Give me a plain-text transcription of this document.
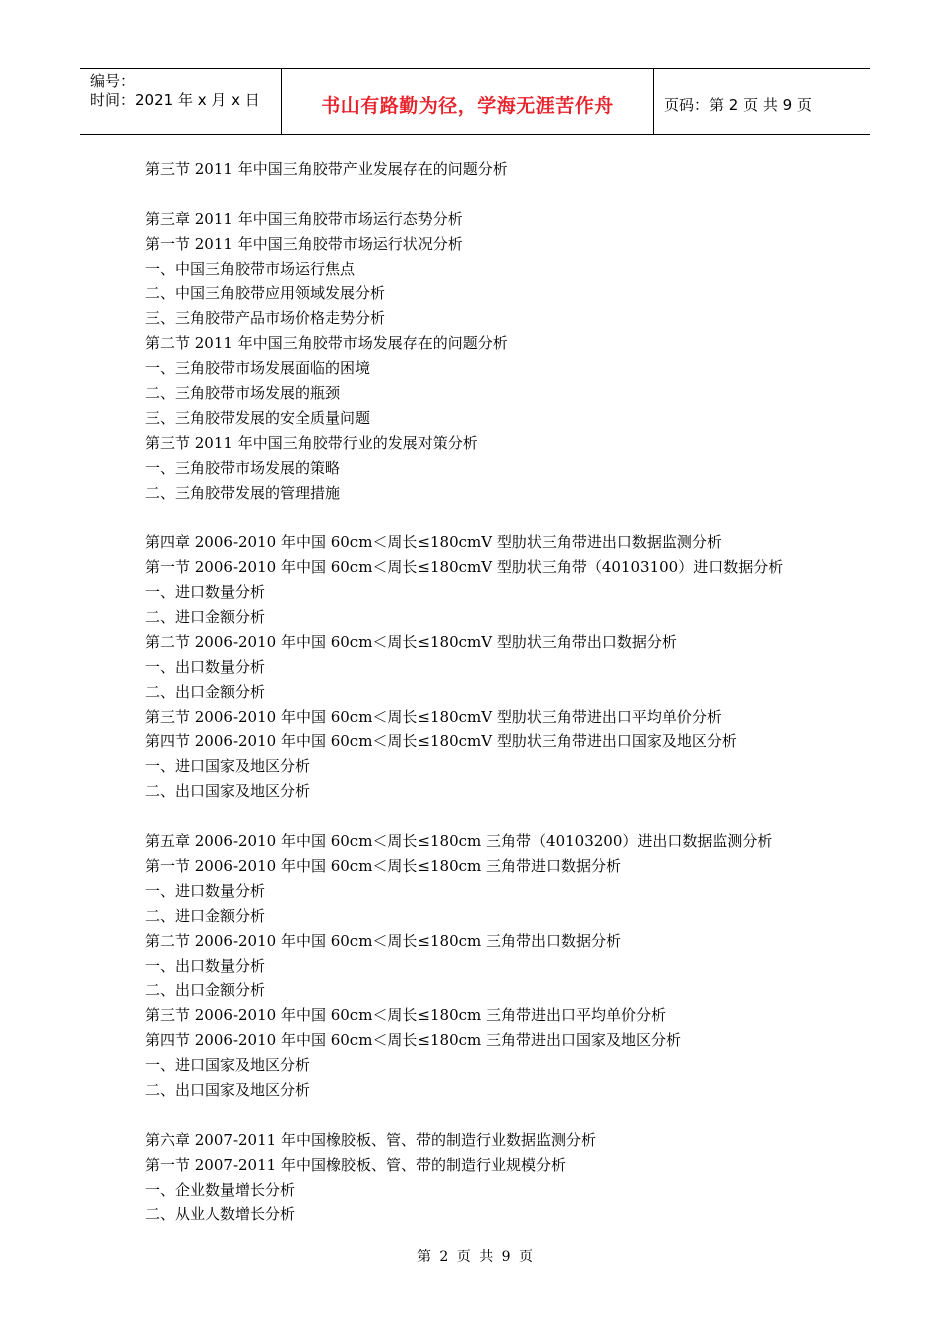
编号：
时间：2021 年 x 月 x 日	书山有路勤为径，学海无涯苦作舟	页码：第 2 页 共 9 页
第三节 2011 年中国三角胶带产业发展存在的问题分析
第三章 2011 年中国三角胶带市场运行态势分析
第一节 2011 年中国三角胶带市场运行状况分析
一、中国三角胶带市场运行焦点
二、中国三角胶带应用领域发展分析
三、三角胶带产品市场价格走势分析
第二节 2011 年中国三角胶带市场发展存在的问题分析
一、三角胶带市场发展面临的困境
二、三角胶带市场发展的瓶颈
三、三角胶带发展的安全质量问题
第三节 2011 年中国三角胶带行业的发展对策分析
一、三角胶带市场发展的策略
二、三角胶带发展的管理措施
第四章 2006-2010 年中国 60cm＜周长≤180cmV 型肋状三角带进出口数据监测分析
第一节 2006-2010 年中国 60cm＜周长≤180cmV 型肋状三角带（40103100）进口数据分析
一、进口数量分析
二、进口金额分析
第二节 2006-2010 年中国 60cm＜周长≤180cmV 型肋状三角带出口数据分析
一、出口数量分析
二、出口金额分析
第三节 2006-2010 年中国 60cm＜周长≤180cmV 型肋状三角带进出口平均单价分析
第四节 2006-2010 年中国 60cm＜周长≤180cmV 型肋状三角带进出口国家及地区分析
一、进口国家及地区分析
二、出口国家及地区分析
第五章 2006-2010 年中国 60cm＜周长≤180cm 三角带（40103200）进出口数据监测分析
第一节 2006-2010 年中国 60cm＜周长≤180cm 三角带进口数据分析
一、进口数量分析
二、进口金额分析
第二节 2006-2010 年中国 60cm＜周长≤180cm 三角带出口数据分析
一、出口数量分析
二、出口金额分析
第三节 2006-2010 年中国 60cm＜周长≤180cm 三角带进出口平均单价分析
第四节 2006-2010 年中国 60cm＜周长≤180cm 三角带进出口国家及地区分析
一、进口国家及地区分析
二、出口国家及地区分析
第六章 2007-2011 年中国橡胶板、管、带的制造行业数据监测分析
第一节 2007-2011 年中国橡胶板、管、带的制造行业规模分析
一、企业数量增长分析
二、从业人数增长分析
第 2 页 共 9 页
